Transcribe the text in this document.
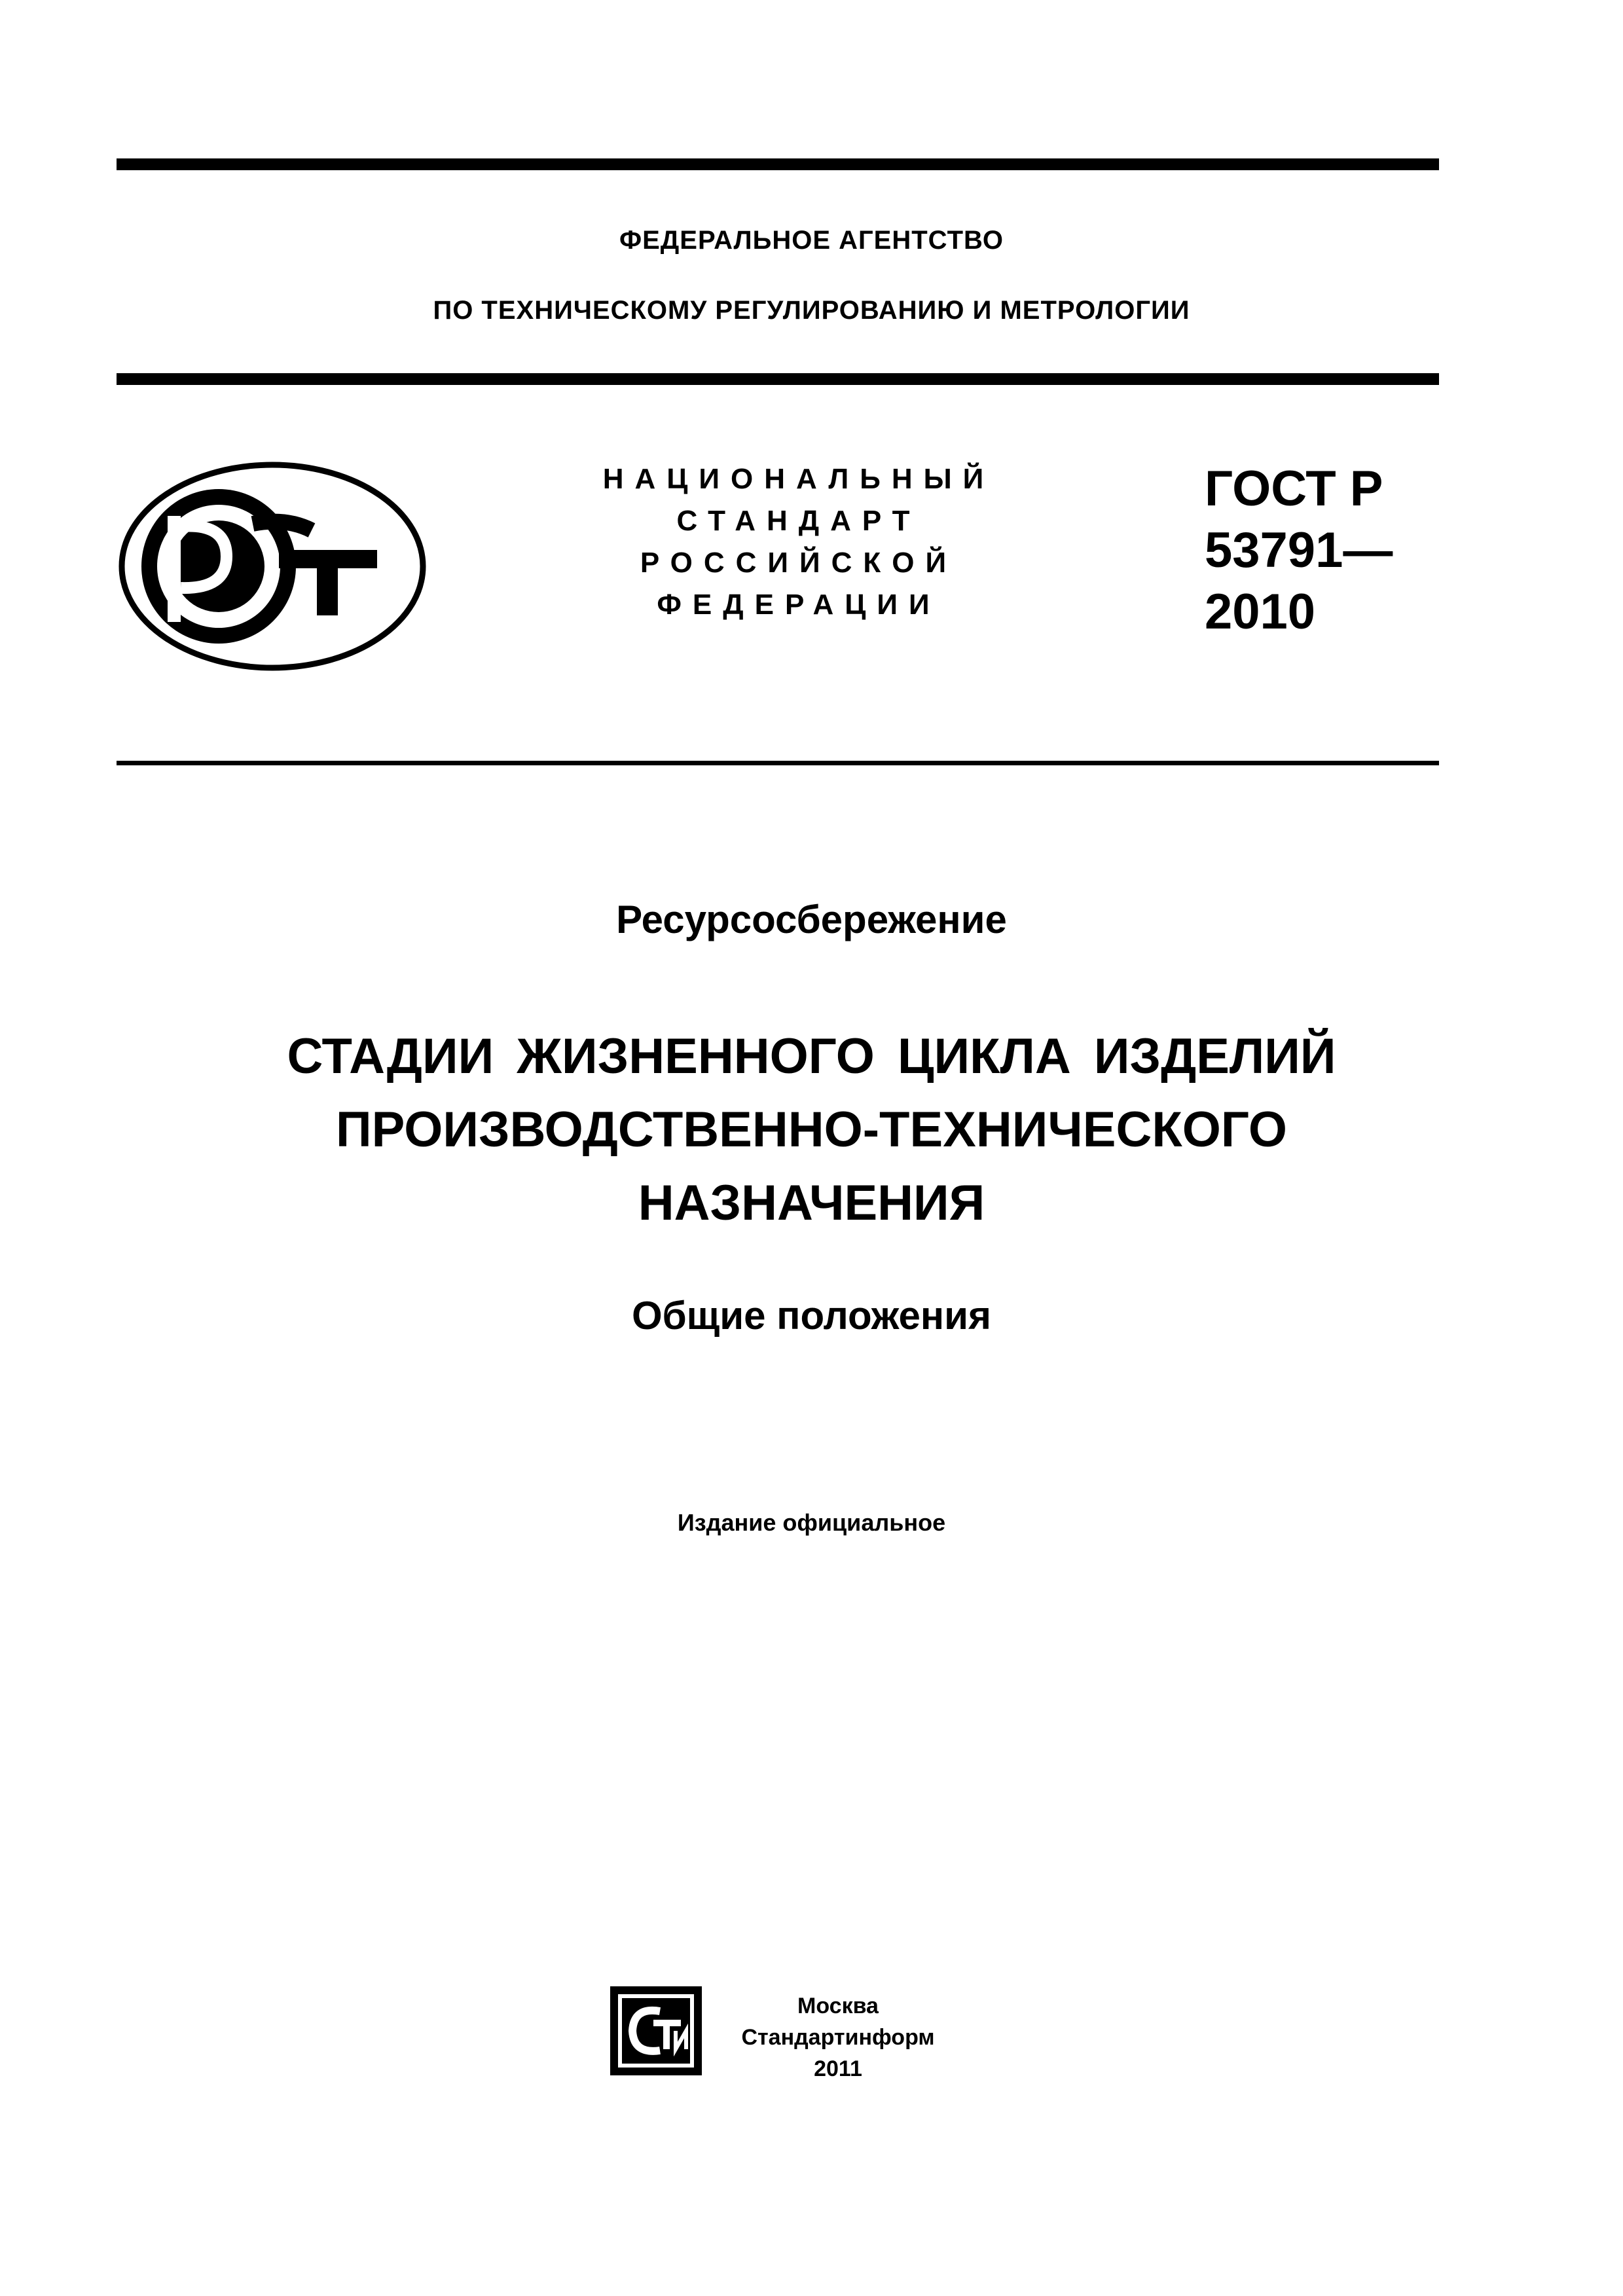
ФЕДЕРАЛЬНОЕ АГЕНТСТВО
ПО ТЕХНИЧЕСКОМУ РЕГУЛИРОВАНИЮ И МЕТРОЛОГИИ
НАЦИОНАЛЬНЫЙ
СТАНДАРТ
РОССИЙСКОЙ
ФЕДЕРАЦИИ
ГОСТ Р
53791—
2010
Ресурсосбережение
СТАДИИ ЖИЗНЕННОГО ЦИКЛА ИЗДЕЛИЙ
ПРОИЗВОДСТВЕННО-ТЕХНИЧЕСКОГО
НАЗНАЧЕНИЯ
Общие положения
Издание официальное
Москва
Стандартинформ
2011
